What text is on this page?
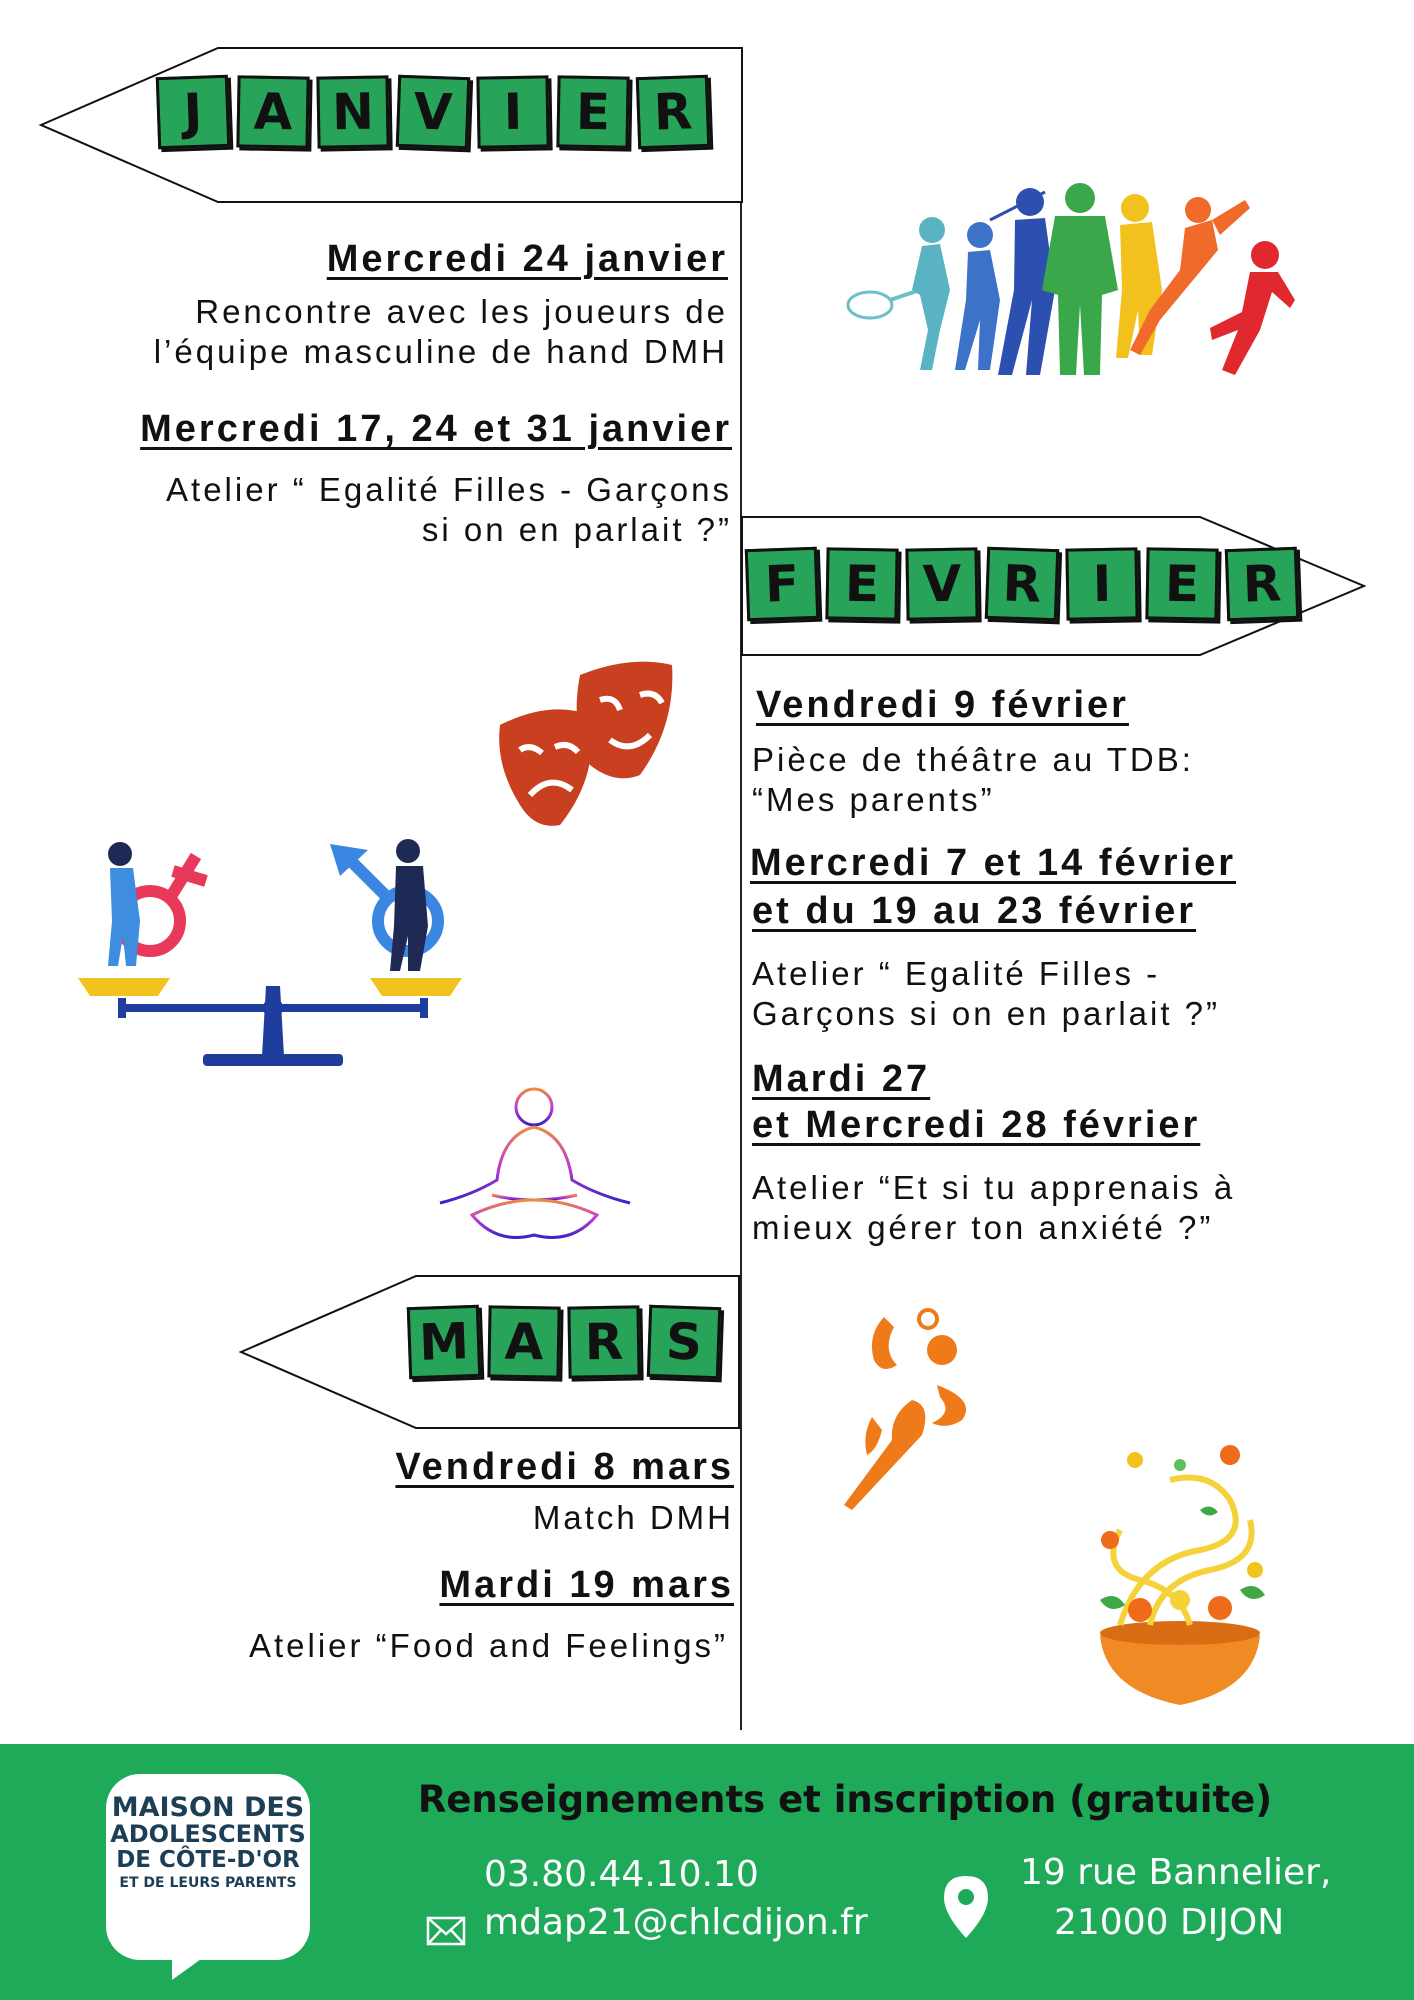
J A N V I	E R
Mercredi 24 janvier
Rencontre avec les joueurs de
l’équipe masculine de hand DMH
Mercredi 17, 24 et 31 janvier
Atelier “ Egalité Filles - Garçons
si on en parlait ?”
F E V R I	E R
Vendredi 9 février
Pièce de théâtre au TDB:
“Mes parents”
Mercredi 7 et 14 février
et du 19 au 23 février
Atelier “ Egalité Filles -
Garçons si on en parlait ?”
Mardi 27
et Mercredi 28 février
Atelier “Et si tu apprenais à
mieux gérer ton anxiété ?”
M A R S
Vendredi 8 mars
Match DMH
Mardi 19 mars
Atelier “Food and Feelings”
MAISON DES
ADOLESCENTS
DE CÔTE-D'OR
ET DE LEURS PARENTS
Renseignements et inscription (gratuite)
03.80.44.10.10
mdap21@chlcdijon.fr
19 rue Bannelier,
21000 DIJON
